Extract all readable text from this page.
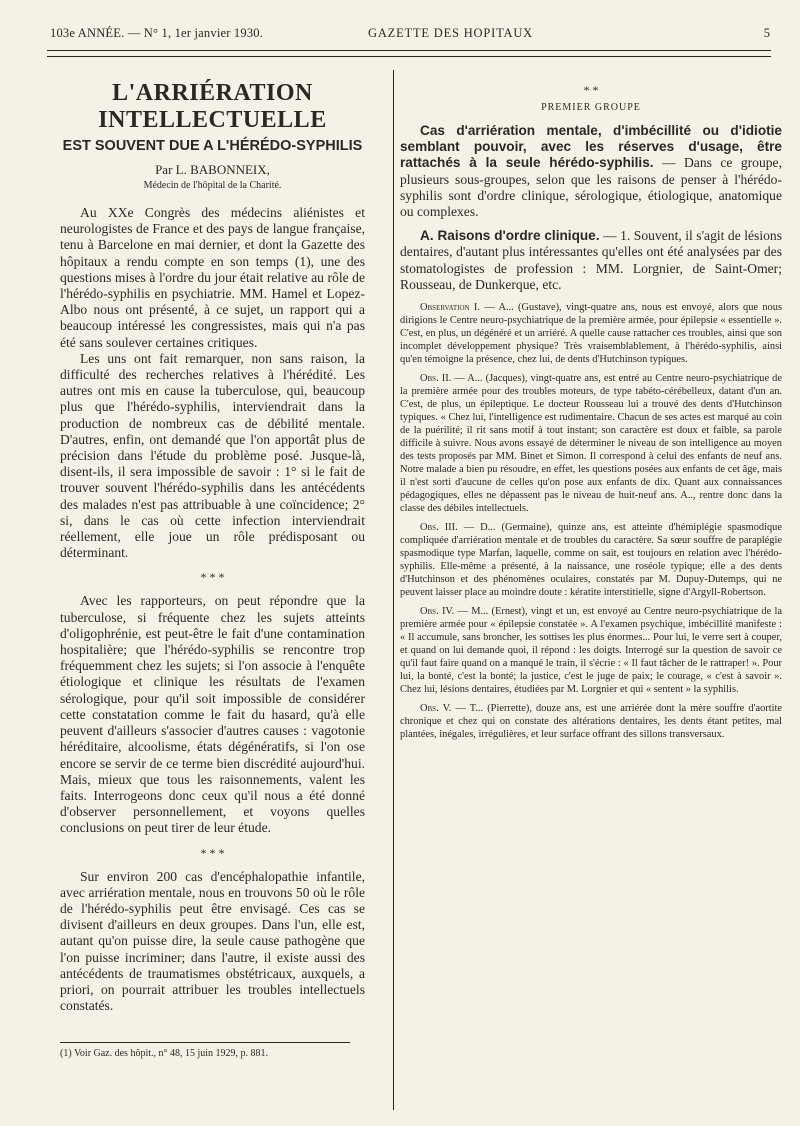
103e ANNÉE. — N° 1, 1er janvier 1930.	GAZETTE DES HOPITAUX	5
L'ARRIÉRATION INTELLECTUELLE
EST SOUVENT DUE A L'HÉRÉDO-SYPHILIS
Par L. BABONNEIX,
Médecin de l'hôpital de la Charité.

Au XXe Congrès des médecins aliénistes et neurologistes de France et des pays de langue française, tenu à Barcelone en mai dernier, et dont la Gazette des hôpitaux a rendu compte en son temps (1), une des questions mises à l'ordre du jour était relative au rôle de l'hérédo-syphilis en psychiatrie. MM. Hamel et Lopez-Albo nous ont présenté, à ce sujet, un rapport qui a beaucoup intéressé les congressistes, mais qui n'a pas été sans soulever certaines critiques.

Les uns ont fait remarquer, non sans raison, la difficulté des recherches relatives à l'hérédité. Les autres ont mis en cause la tuberculose, qui, beaucoup plus que l'hérédo-syphilis, interviendrait dans la production de nombreux cas de débilité mentale. D'autres, enfin, ont demandé que l'on apportât plus de précision dans l'étude du problème posé. Jusque-là, disent-ils, il sera impossible de savoir : 1° si le fait de trouver souvent l'hérédo-syphilis dans les antécédents des malades n'est pas attribuable à une coïncidence; 2° si, dans le cas où cette infection interviendrait réellement, elle joue un rôle prédisposant ou déterminant.

* * *

Avec les rapporteurs, on peut répondre que la tuberculose, si fréquente chez les sujets atteints d'oligophrénie, est peut-être le fait d'une contamination hospitalière; que l'hérédo-syphilis se rencontre trop fréquemment chez les sujets; si l'on associe à l'enquête étiologique et clinique les résultats de l'examen sérologique, pour qu'il soit impossible de considérer cette constatation comme le fait du hasard, qu'à elle peuvent d'ailleurs s'associer d'autres causes : vagotonie héréditaire, alcoolisme, états dégénératifs, si l'on ose encore se servir de ce terme bien discrédité aujourd'hui. Mais, mieux que tous les raisonnements, valent les faits. Interrogeons donc ceux qu'il nous a été donné d'observer personnellement, et voyons quelles conclusions on peut tirer de leur étude.

* * *

Sur environ 200 cas d'encéphalopathie infantile, avec arriération mentale, nous en trouvons 50 où le rôle de l'hérédo-syphilis peut être envisagé. Ces cas se divisent d'ailleurs en deux groupes. Dans l'un, elle est, autant qu'on puisse dire, la seule cause pathogène que l'on puisse incriminer; dans l'autre, il existe aussi des antécédents de traumatismes obstétricaux, auxquels, a priori, on pourrait attribuer les troubles intellectuels constatés.

(1) Voir Gaz. des hôpit., n° 48, 15 juin 1929, p. 881.
* *
PREMIER GROUPE

Cas d'arriération mentale, d'imbécillité ou d'idiotie semblant pouvoir, avec les réserves d'usage, être rattachés à la seule hérédo-syphilis. — Dans ce groupe, plusieurs sous-groupes, selon que les raisons de penser à l'hérédo-syphilis sont d'ordre clinique, sérologique, étiologique, anatomique ou complexes.

A. Raisons d'ordre clinique. — 1. Souvent, il s'agit de lésions dentaires, d'autant plus intéressantes qu'elles ont été analysées par des stomatologistes de profession : MM. Lorgnier, de Saint-Omer; Rousseau, de Dunkerque, etc.

Observation I. — A... (Gustave), vingt-quatre ans, nous est envoyé, alors que nous dirigions le Centre neuro-psychiatrique de la première armée, pour épilepsie « essentielle ». C'est, en plus, un dégénéré et un arriéré. A quelle cause rattacher ces troubles, ainsi que son incomplet développement physique? Très vraisemblablement, à l'hérédo-syphilis, ainsi qu'en témoigne la présence, chez lui, de dents d'Hutchinson typiques.

Obs. II. — A... (Jacques), vingt-quatre ans, est entré au Centre neuro-psychiatrique de la première armée pour des troubles moteurs, de type tabéto-cérébelleux, datant d'un an. C'est, de plus, un épileptique. Le docteur Rousseau lui a trouvé des dents d'Hutchinson typiques. « Chez lui, l'intelligence est rudimentaire. Chacun de ses actes est marqué au coin de la puérilité; il rit sans motif à tout instant; son caractère est doux et faible, sa parole difficile à suivre. Nous avons essayé de déterminer le niveau de son intelligence au moyen des tests proposés par MM. Binet et Simon. Il correspond à celui des enfants de neuf ans. Notre malade a bien pu résoudre, en effet, les questions posées aux enfants de cet âge, mais il n'est sorti d'aucune de celles qu'on pose aux enfants de dix. Quant aux connaissances pédagogiques, elles ne dépassent pas le niveau de huit-neuf ans. A.., rentre donc dans la classe des débiles intellectuels.

Obs. III. — D... (Germaine), quinze ans, est atteinte d'hémiplégie spasmodique compliquée d'arriération mentale et de troubles du caractère. Sa sœur souffre de paraplégie spasmodique type Marfan, laquelle, comme on sait, est toujours en relation avec l'hérédo-syphilis. Elle-même a présenté, à la naissance, une roséole typique; elle a des dents d'Hutchinson et des phénomènes oculaires, constatés par M. Dupuy-Dutemps, qui ne peuvent laisser place au moindre doute : kératite interstitielle, signe d'Argyll-Robertson.

Obs. IV. — M... (Ernest), vingt et un, est envoyé au Centre neuro-psychiatrique de la première armée pour « épilepsie constatée ». A l'examen psychique, imbécillité manifeste : « Il accumule, sans broncher, les sottises les plus énormes... Pour lui, le verre sert à couper, et quand on lui demande quoi, il répond : les doigts. Interrogé sur la question de savoir ce qu'il faut faire quand on a manqué le train, il s'écrie : « Il faut tâcher de le rattraper! ». Pour lui, la bonté, c'est la bonté; la justice, c'est le juge de paix; le courage, « c'est à savoir ». Chez lui, lésions dentaires, étudiées par M. Lorgnier et qui « sentent » la syphilis.

Obs. V. — T... (Pierrette), douze ans, est une arriérée dont la mère souffre d'aortite chronique et chez qui on constate des altérations dentaires, les dents étant petites, mal plantées, inégales, irrégulières, et leur surface offrant des sillons transversaux.
